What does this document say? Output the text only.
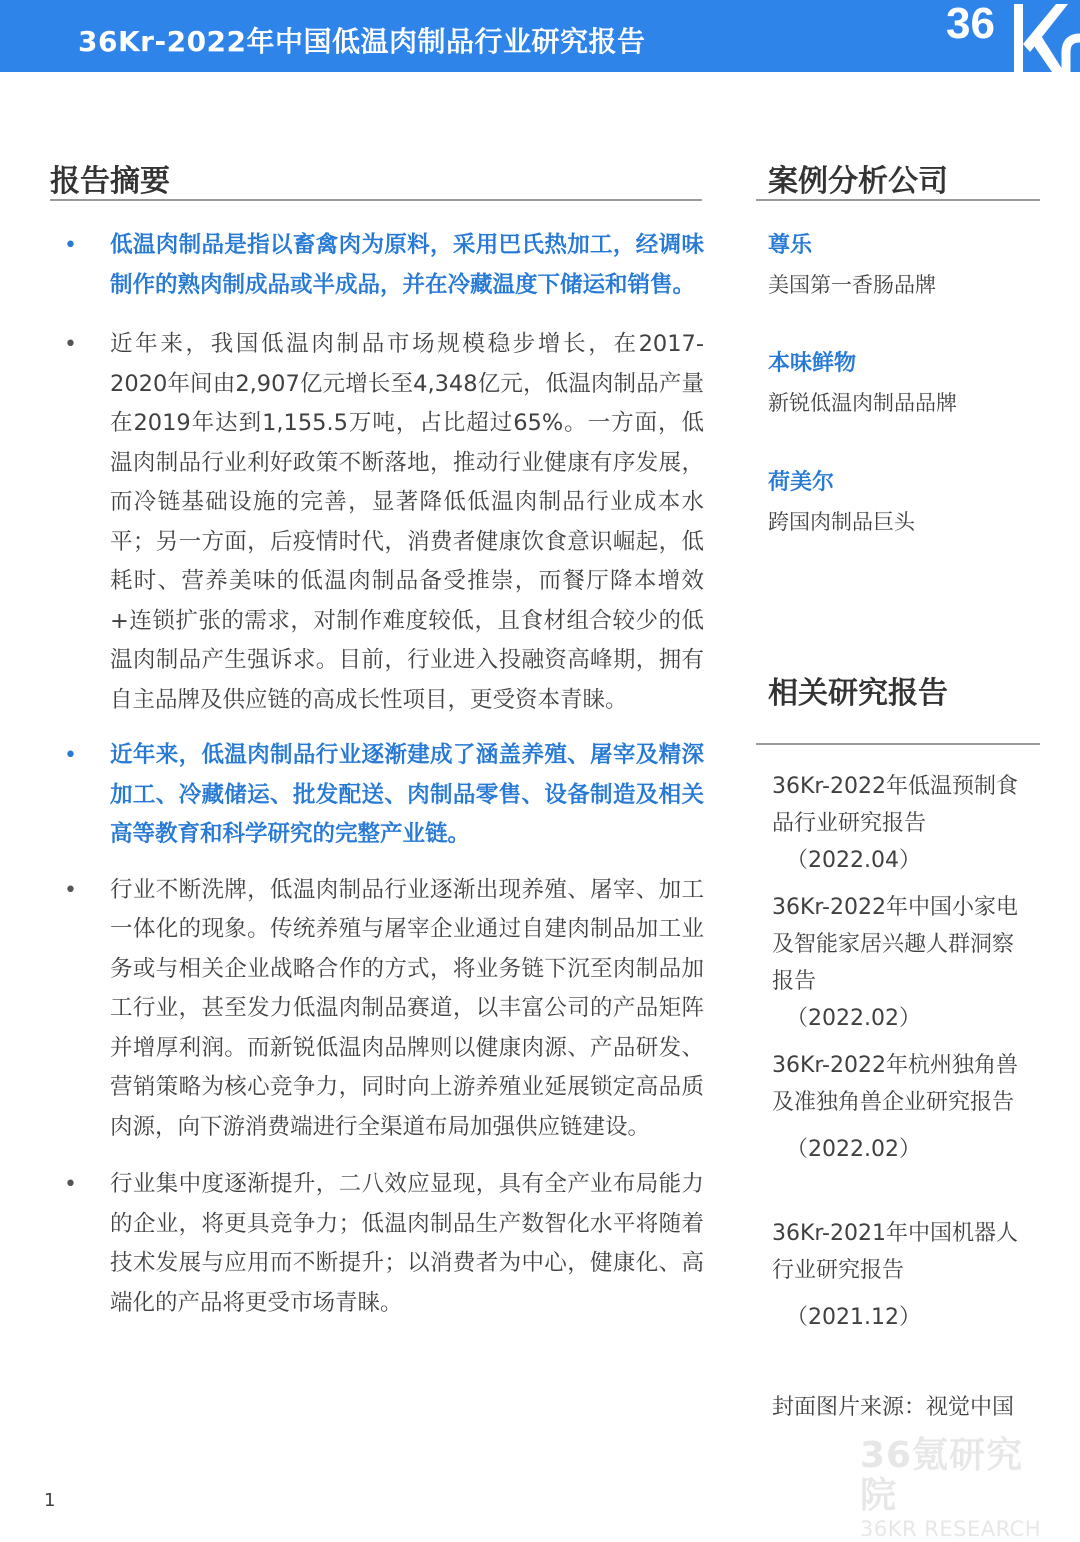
36Kr-2022年中国低温肉制品行业研究报告	36
报告摘要
•	低温肉制品是指以畜禽肉为原料，采用巴氏热加工，经调味制作的熟肉制成品或半成品，并在冷藏温度下储运和销售。
•	近年来，我国低温肉制品市场规模稳步增长，在2017-2020年间由2,907亿元增长至4,348亿元，低温肉制品产量在2019年达到1,155.5万吨，占比超过65%。一方面，低温肉制品行业利好政策不断落地，推动行业健康有序发展，而冷链基础设施的完善，显著降低低温肉制品行业成本水平；另一方面，后疫情时代，消费者健康饮食意识崛起，低耗时、营养美味的低温肉制品备受推崇，而餐厅降本增效+连锁扩张的需求，对制作难度较低，且食材组合较少的低温肉制品产生强诉求。目前，行业进入投融资高峰期，拥有自主品牌及供应链的高成长性项目，更受资本青睐。
•	近年来，低温肉制品行业逐渐建成了涵盖养殖、屠宰及精深加工、冷藏储运、批发配送、肉制品零售、设备制造及相关高等教育和科学研究的完整产业链。
•	行业不断洗牌，低温肉制品行业逐渐出现养殖、屠宰、加工一体化的现象。传统养殖与屠宰企业通过自建肉制品加工业务或与相关企业战略合作的方式，将业务链下沉至肉制品加工行业，甚至发力低温肉制品赛道，以丰富公司的产品矩阵并增厚利润。而新锐低温肉品牌则以健康肉源、产品研发、营销策略为核心竞争力，同时向上游养殖业延展锁定高品质肉源，向下游消费端进行全渠道布局加强供应链建设。
•	行业集中度逐渐提升，二八效应显现，具有全产业布局能力的企业，将更具竞争力；低温肉制品生产数智化水平将随着技术发展与应用而不断提升；以消费者为中心，健康化、高端化的产品将更受市场青睐。
案例分析公司
尊乐
美国第一香肠品牌
本味鲜物
新锐低温肉制品品牌
荷美尔
跨国肉制品巨头
相关研究报告
36Kr-2022年低温预制食品行业研究报告
（2022.04）
36Kr-2022年中国小家电及智能家居兴趣人群洞察报告
（2022.02）
36Kr-2022年杭州独角兽及准独角兽企业研究报告
（2022.02）
36Kr-2021年中国机器人行业研究报告
（2021.12）
封面图片来源：视觉中国
36氪研究院
36KR RESEARCH
1
